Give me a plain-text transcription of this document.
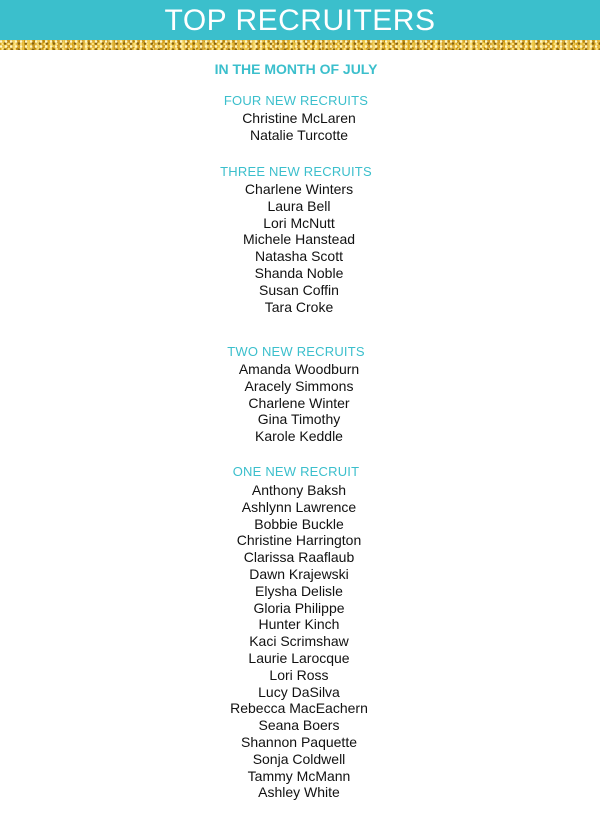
TOP RECRUITERS
IN THE MONTH OF JULY
FOUR NEW RECRUITS
Christine McLaren
Natalie Turcotte
THREE NEW RECRUITS
Charlene Winters
Laura Bell
Lori McNutt
Michele Hanstead
Natasha Scott
Shanda Noble
Susan Coffin
Tara Croke
TWO NEW RECRUITS
Amanda Woodburn
Aracely Simmons
Charlene Winter
Gina Timothy
Karole Keddle
ONE NEW RECRUIT
Anthony Baksh
Ashlynn Lawrence
Bobbie Buckle
Christine Harrington
Clarissa Raaflaub
Dawn Krajewski
Elysha Delisle
Gloria Philippe
Hunter Kinch
Kaci Scrimshaw
Laurie Larocque
Lori Ross
Lucy DaSilva
Rebecca MacEachern
Seana Boers
Shannon Paquette
Sonja Coldwell
Tammy McMann
Ashley White
